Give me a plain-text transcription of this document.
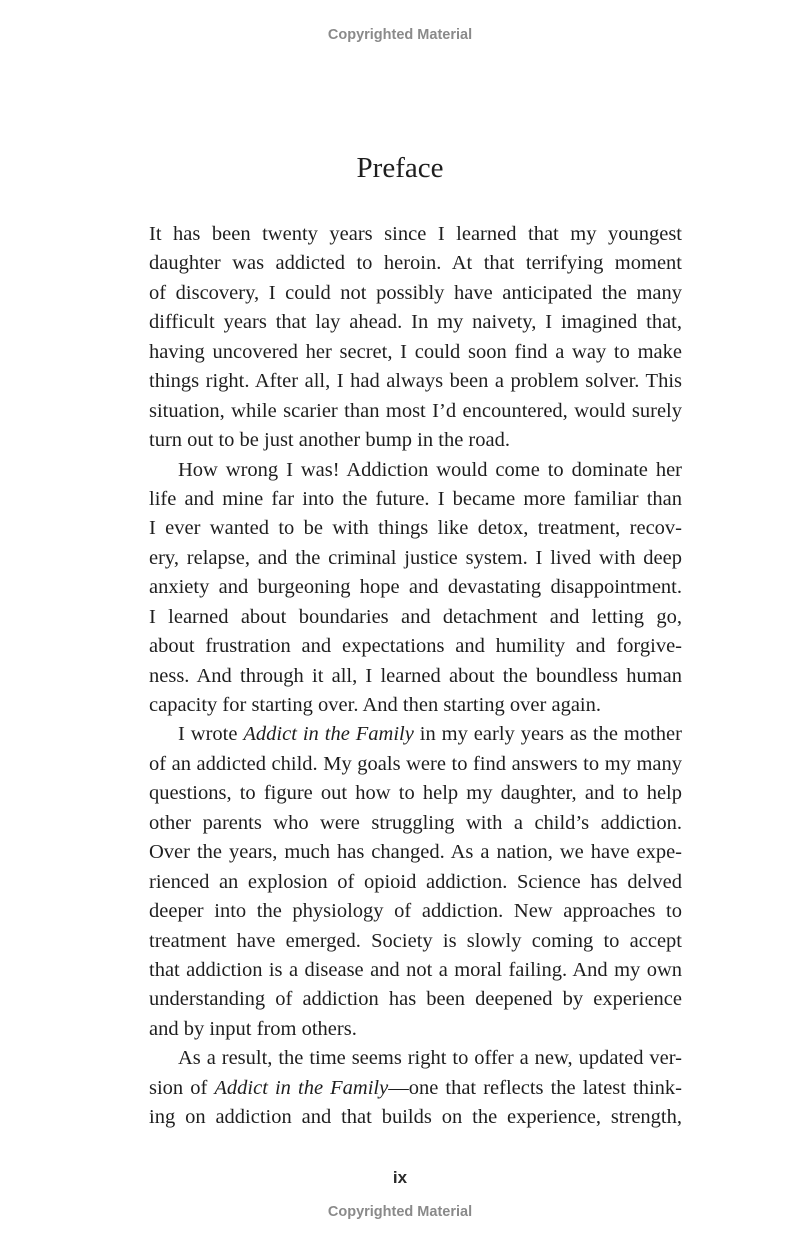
Copyrighted Material
Preface
It has been twenty years since I learned that my youngest
daughter was addicted to heroin. At that terrifying moment
of discovery, I could not possibly have anticipated the many
difficult years that lay ahead. In my naivety, I imagined that,
having uncovered her secret, I could soon find a way to make
things right. After all, I had always been a problem solver. This
situation, while scarier than most I’d encountered, would surely
turn out to be just another bump in the road.
How wrong I was! Addiction would come to dominate her
life and mine far into the future. I became more familiar than
I ever wanted to be with things like detox, treatment, recov-
ery, relapse, and the criminal justice system. I lived with deep
anxiety and burgeoning hope and devastating disappointment.
I learned about boundaries and detachment and letting go,
about frustration and expectations and humility and forgive-
ness. And through it all, I learned about the boundless human
capacity for starting over. And then starting over again.
I wrote Addict in the Family in my early years as the mother
of an addicted child. My goals were to find answers to my many
questions, to figure out how to help my daughter, and to help
other parents who were struggling with a child’s addiction.
Over the years, much has changed. As a nation, we have expe-
rienced an explosion of opioid addiction. Science has delved
deeper into the physiology of addiction. New approaches to
treatment have emerged. Society is slowly coming to accept
that addiction is a disease and not a moral failing. And my own
understanding of addiction has been deepened by experience
and by input from others.
As a result, the time seems right to offer a new, updated ver-
sion of Addict in the Family—one that reflects the latest think-
ing on addiction and that builds on the experience, strength,
ix
Copyrighted Material
